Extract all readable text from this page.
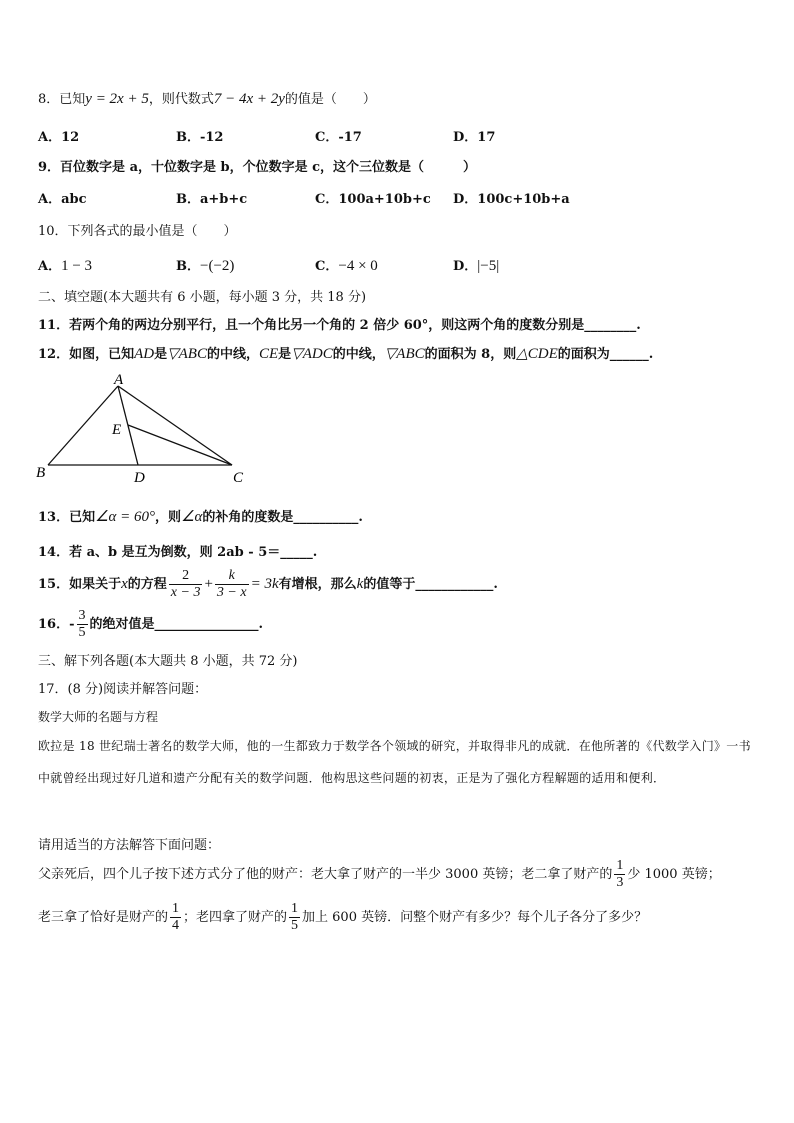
8．已知y = 2x + 5，则代数式7 − 4x + 2y的值是（　　）
A．12	B．-12	C．-17	D．17
9．百位数字是 a，十位数字是 b，个位数字是 c，这个三位数是（　　　）
A．abc	B．a+b+c	C．100a+10b+c D．100c+10b+a
10．下列各式的最小值是（　　）
A．1 − 3	B．−(−2)	C．−4 × 0	D．|−5|
二、填空题(本大题共有 6 小题，每小题 3 分，共 18 分)
11．若两个角的两边分别平行，且一个角比另一个角的 2 倍少 60°，则这两个角的度数分别是________.
12．如图，已知AD是▽ABC的中线，CE是▽ADC的中线，▽ABC的面积为 8，则△CDE的面积为______.
A
B	C
D
E
13．已知∠α = 60°，则∠α的补角的度数是__________.
14．若 a、b 是互为倒数，则 2ab - 5＝_____.
15．如果关于x的方程 $\frac{2}{x - 3} + \frac{k}{3 - x} = 3k$有增根，那么k的值等于____________.
16．- $\frac{3}{5}$ 的绝对值是________________.
三、解下列各题(本大题共 8 小题，共 72 分)
17．(8 分)阅读并解答问题：
数学大师的名题与方程
欧拉是 18 世纪瑞士著名的数学大师，他的一生都致力于数学各个领域的研究，并取得非凡的成就．在他所著的《代数学入门》一书中就曾经出现过好几道和遗产分配有关的数学问题．他构思这些问题的初衷，正是为了强化方程解题的适用和便利．
请用适当的方法解答下面问题：
父亲死后，四个儿子按下述方式分了他的财产：老大拿了财产的一半少 3000 英镑；老二拿了财产的 $\frac{1}{3}$ 少 1000 英镑；
老三拿了恰好是财产的 $\frac{1}{4}$ ；老四拿了财产的 $\frac{1}{5}$ 加上 600 英镑．问整个财产有多少？每个儿子各分了多少？
